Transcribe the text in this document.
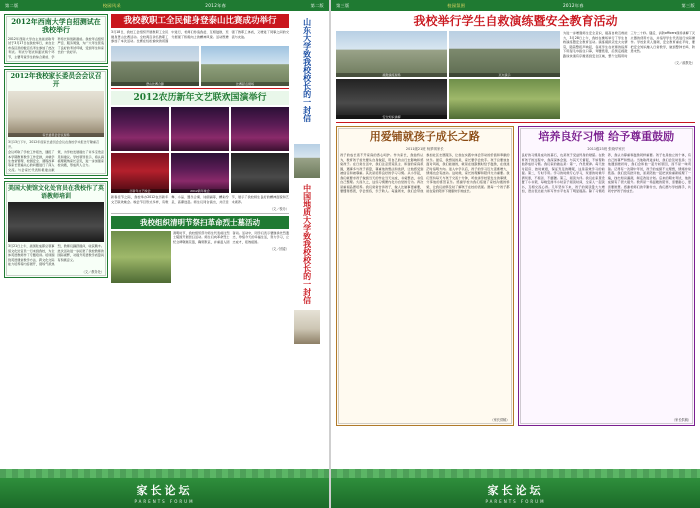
第二版	校园风采	2012年春	第二版
2012年西南大学自招测试在我校举行
2012年西南大学自主选拔录取考试于3月17日在我校举行，来自全市各区县的数百名考生参加了此次考试。考试分笔试和面试两个环节，主要考查学生的综合素质、学科特长和创新潜质。我校考点组织严密、服务周到，为广大考生营造了良好的考试环境，受到考生和家长的一致好评。
2012年我校家长委员会会议召开
家长委员会会议现场
3月13日下午，2012年度家长委员会会议在我校学术报告厅隆重召开。
会议听取了学校工作报告，通报了本学期教育教学工作安排，并就学生食堂管理、校园安全、课程改革等家长普遍关心的问题进行了深入交流。与会家长代表积极建言献策，为学校发展提出了许多宝贵意见和建议。学校领导表示，将认真梳理吸纳家长意见，进一步加强家校沟通，形成育人合力。
美国大使馆文化处官员在我校作了英语教师培训
3月21日上午，美国驻成都总领事馆文化处官员一行来到我校，为全体英语教师作了专题培训。培训围绕英语课堂教学方法、跨文化交际能力培养等内容展开，现场气氛热烈，教师们踊跃提问，收获颇丰。此次活动进一步拓宽了我校教师的国际视野，对提升英语教学质量具有积极意义。
（文／教务处）
我校教职工全民健身登泰山比赛成功举行
3月18日，我校工会组织开展教职工全民健身登山比赛活动。全校两百余名教职工参加了本次活动。比赛在轻松愉快的氛围中进行，老师们你追我赶、互相鼓励，充分展现了积极向上的精神风貌。活动既增强了教职工体质，又增进了同事之间的交流与友谊。
登山比赛合影	比赛起点现场
2012农历新年文艺联欢国演举行
历新年文艺晚会	2012新年晚会
新春佳节之际，我校举办2012农历新年文艺联欢晚会。晚会节目形式多样，有歌舞、小品、器乐合奏、诗朗诵等，精彩纷呈，高潮迭起。师生们同台演出，共庆佳节，展示了我校师生良好的精神面貌和艺术素养。
（文／校办）
我校组织清明节祭扫革命烈士墓活动
清明时节，我校组织部分师生代表前往烈士陵园开展祭扫活动。师生们向革命烈士纪念碑敬献花篮，鞠躬默哀，并重温入团誓词。活动中，同学们表示要继承先烈遗志，珍惜今天的幸福生活，努力学习，立志成才，报效祖国。
（文／团委）
山东大学致我校校长的一封信
中国地质大学致我校校长的一封信
家长论坛
PARENTS FORUM
第三版	校园氛围	2012年春	第三版
我校举行学生自救演练暨安全教育活动
疏散演练现场	灭火演示
安全知识讲解
为进一步增强师生安全意识，提高自救互救能力，3月28日上午，我校在操场举行了学生自救演练暨安全教育活动。演练模拟突发火灾情景，随着警报声响起，各班学生在老师的指挥下用湿毛巾捂住口鼻，弯腰低姿，沿预定疏散路线快速有序撤离到安全区域，整个过程用时三分二十秒。随后，消防officers现场讲解了灭火器的使用方法，并指导学生代表进行实际操作。学校负责人强调，安全教育重在平时，要把安全知识融入日常教学，做到警钟长鸣、防患未然。
（文／政教处）
用爱铺就孩子成长之路
2011级21班 杨梦琪家长
孩子的成长离不开家庭的悉心呵护。作为家长，我始终认为，教育孩子首先要从自身做起，用自己的言行去影响和感染孩子。在日常生活中，我们注意营造民主、和谐的家庭氛围，遇事多与孩子商量，尊重他的想法和选择，让他感受到被信任和被尊重。其次是培养良好的学习习惯。从小学起，我们就要求孩子做到当天的作业当天完成，书桌整洁，书包自己整理。久而久之，这些习惯便内化为自觉的行为。再次是重视品德培养。我们常常告诉孩子，做人比做事更重要，要懂得感恩，学会宽容，乐于助人。每逢周末，我们会带他参加社区志愿服务，让他在实践中体会劳动的价值和奉献的快乐。最后，我想说的是，家长要学会放手。孩子总要独自面对风雨，我们能做的，就是在他跌倒时给予鼓励，在他迷茫时指明方向。进入中学以后，孩子的学习压力逐渐增大，情绪也会有波动。这时候，家长的理解和陪伴尤为重要。我们坚持每天与孩子交流十分钟，听他讲学校里发生的事情，分享他的喜怒哀乐。感谢学校为我们搭建了家校沟通的桥梁，让我们能够及时了解孩子在校的表现。愿每一个孩子都能在爱的陪伴下健康快乐地成长。
（家长供稿）
培养良好习惯 给予尊重鼓励
2011级23班 张晓华家长
良好的习惯是成功的基石，也是孩子受益终身的财富。在教育孩子的过程中，我深深体会到，与其天天督促，不如帮助他养成好习惯。我们家的做法是：第一，作息规律。每天按时起床、按时就寝，保证充足的睡眠，这是高效学习的前提。第二，专时专用。学习的时候专心学习，玩耍的时候尽情玩耍，不拖沓、不磨蹭。第三，阅读为伴。我们在家里设置了小书架，每晚安排半小时亲子阅读时间，全家人一起读书，互相交流心得。几年坚持下来，孩子的阅读量大大增加，语言表达能力和写作水平也有了明显提高。除了习惯培养，我认为尊重和鼓励同样重要。孩子也是独立的个体，有自己的尊严和想法。当他取得进步时，我们会及时表扬；当他遇到挫折时，我们会和他一起分析原因，而不是一味责备。记得有一次期中考试，孩子的成绩不太理想，情绪非常低落。我们没有批评他，而是陪他一起把试卷重新梳理了一遍，找出知识漏洞，制定改进计划。后来的期末考试，他的成绩有了很大提升。教育是一场温暖的陪伴，需要耐心，更需要智慧。感谢老师们的辛勤付出，我们愿与学校携手，共同守护孩子的成长。
（家长供稿）
家长论坛
PARENTS FORUM
